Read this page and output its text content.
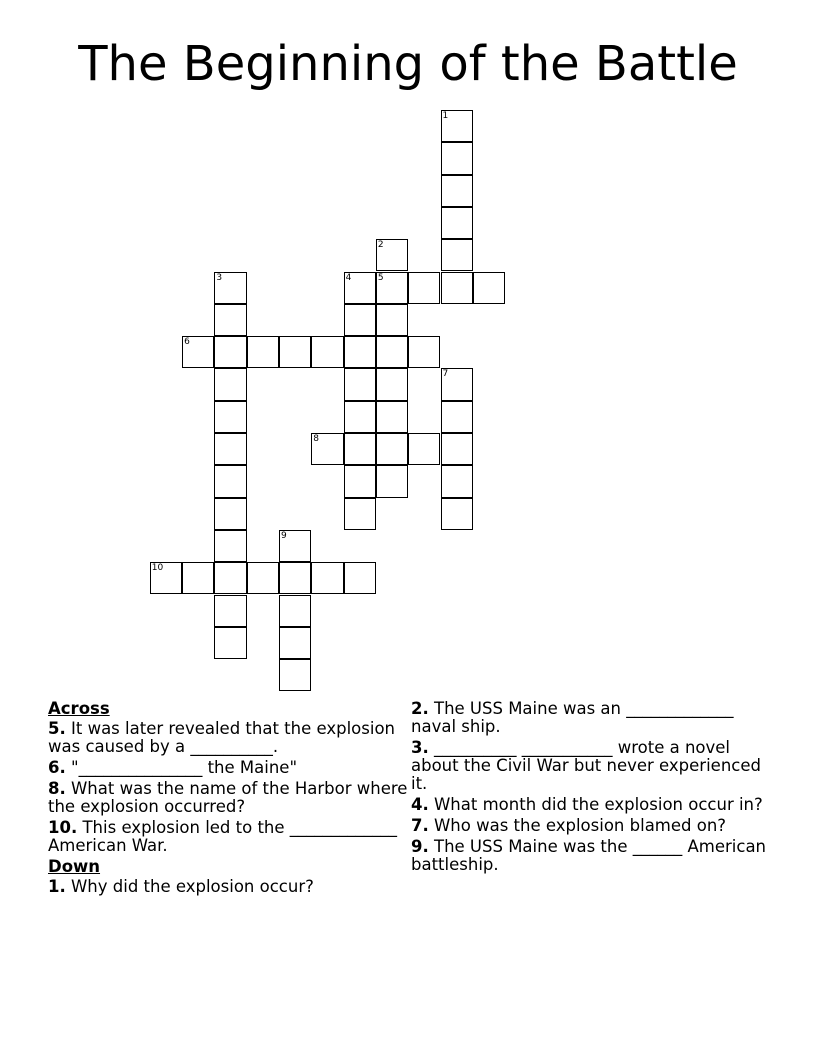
The Beginning of the Battle
1
2
3	4	5
6
7
8
9
10
Across
5. It was later revealed that the explosion was caused by a __________.
6. "_______________ the Maine"
8. What was the name of the Harbor where the explosion occurred?
10. This explosion led to the _____________ American War.
Down
1. Why did the explosion occur?
2. The USS Maine was an _____________ naval ship.
3. __________ ___________ wrote a novel about the Civil War but never experienced it.
4. What month did the explosion occur in?
7. Who was the explosion blamed on?
9. The USS Maine was the ______ American battleship.
